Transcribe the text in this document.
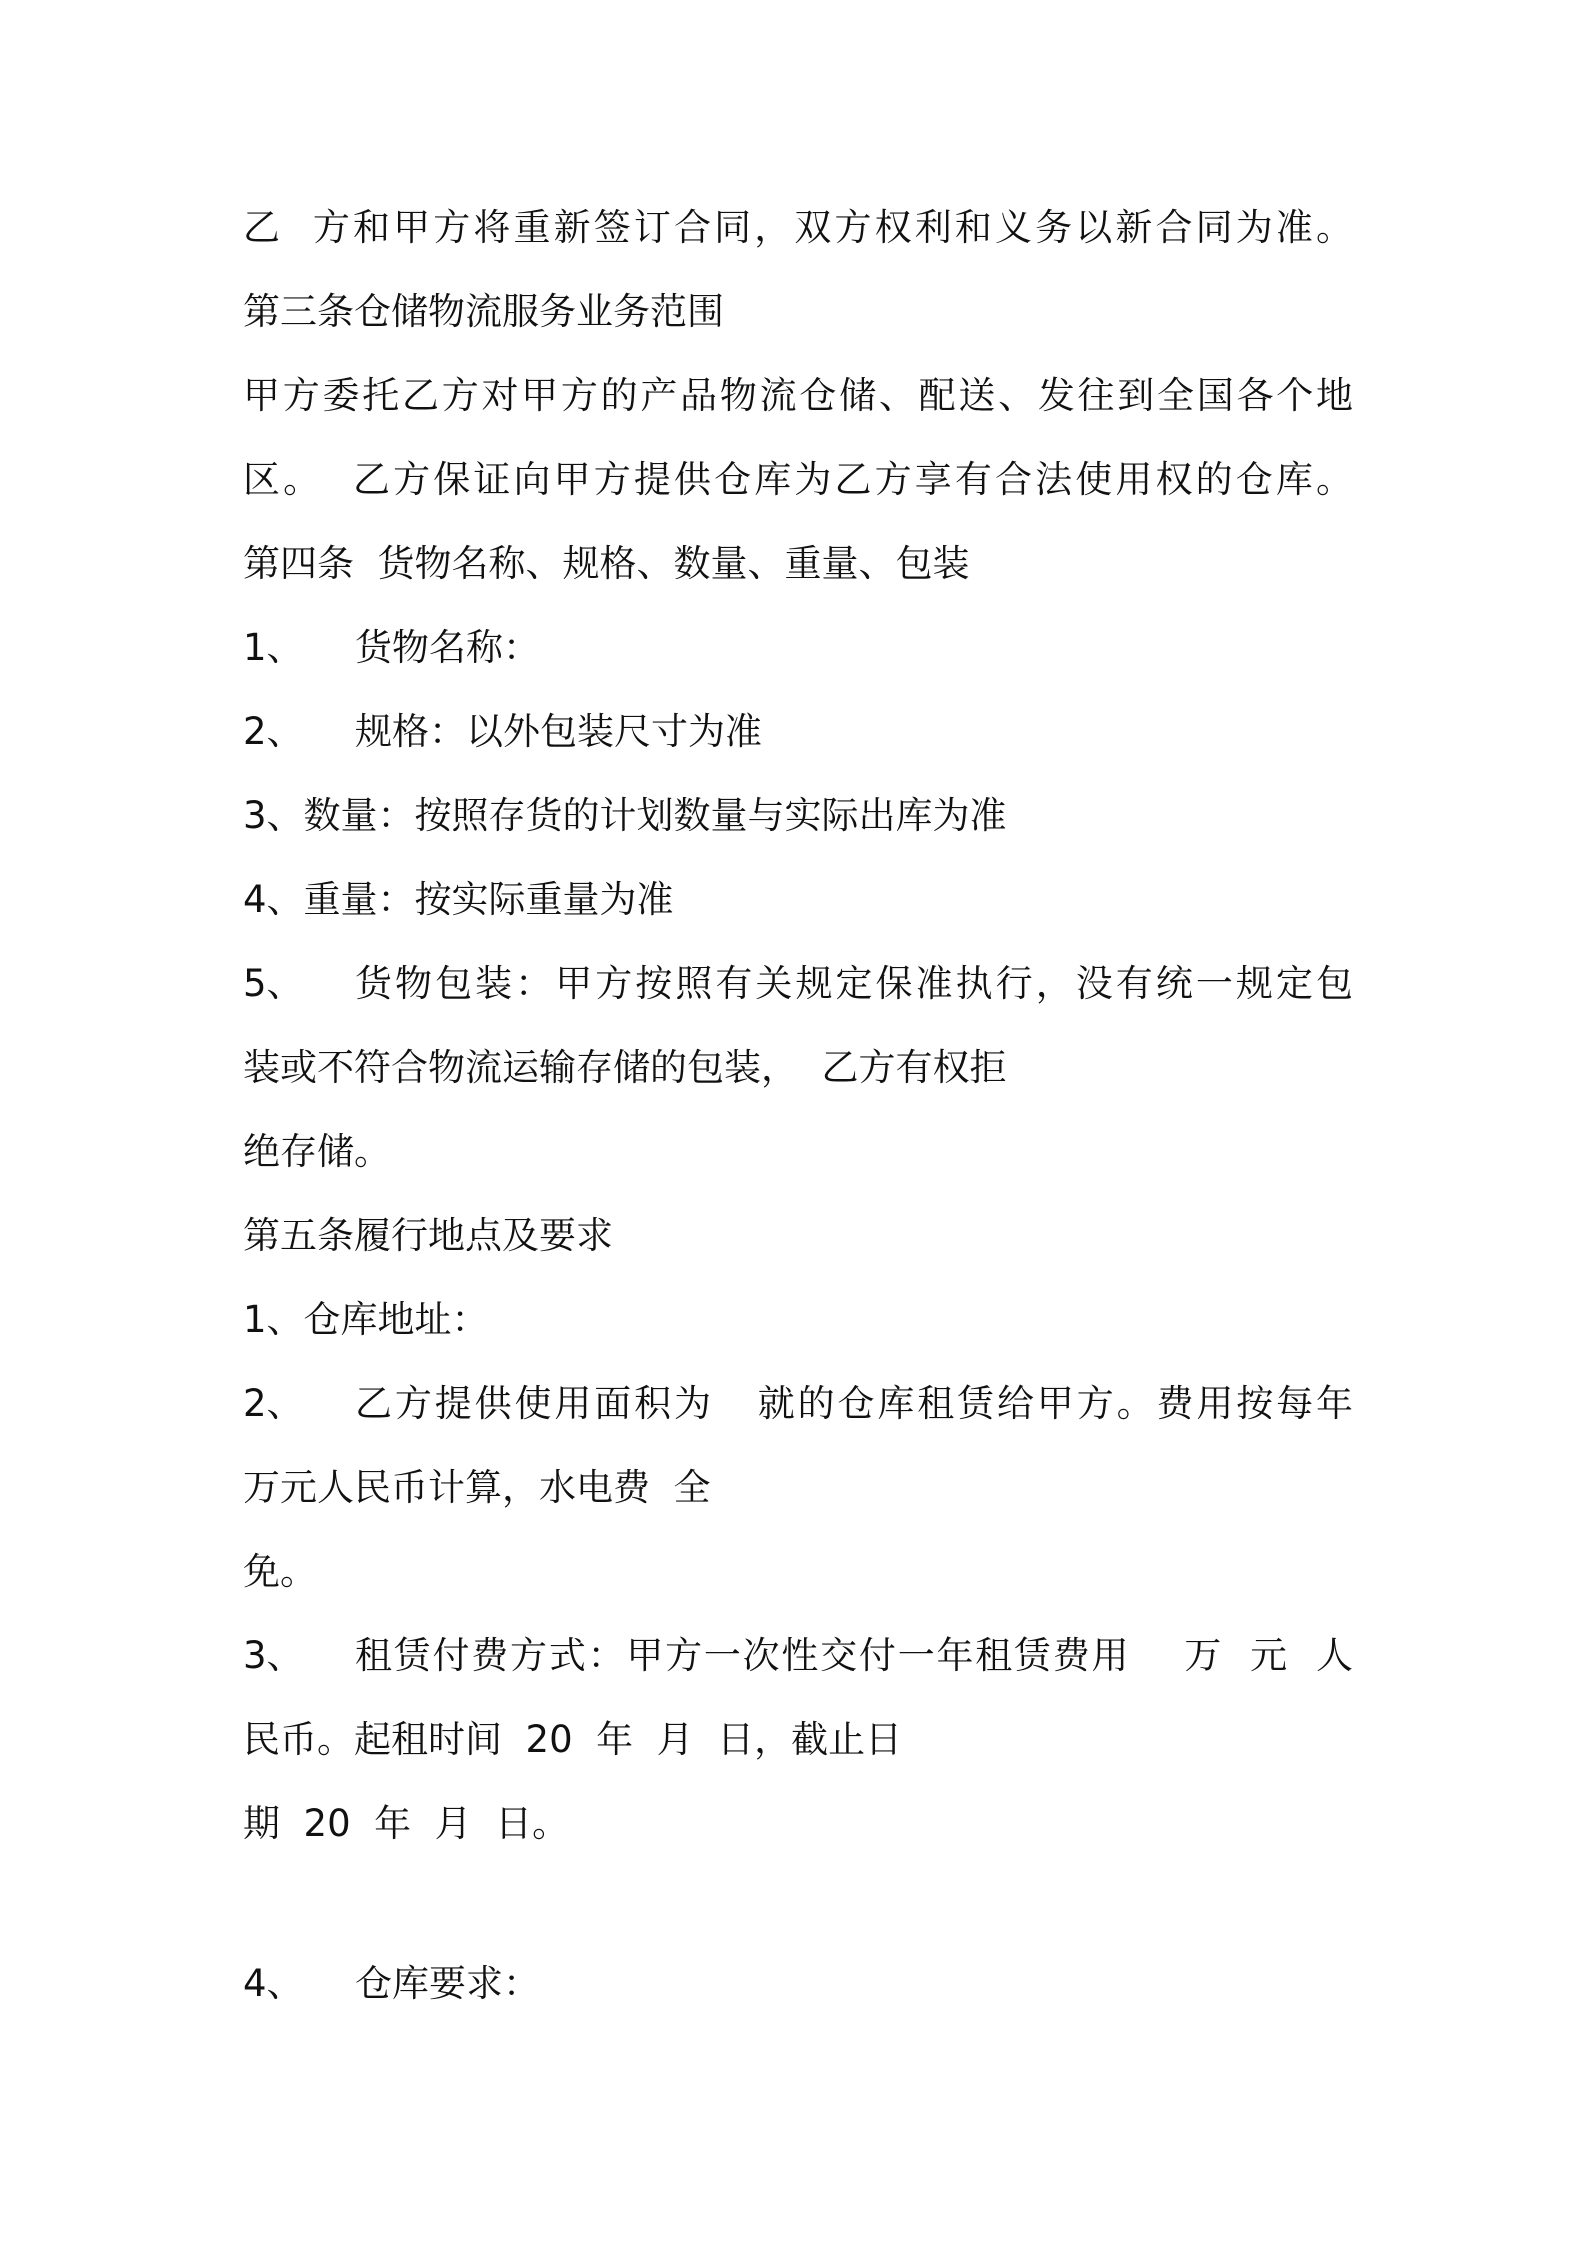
乙  方和甲方将重新签订合同，双方权利和义务以新合同为准。
第三条仓储物流服务业务范围
甲方委托乙方对甲方的产品物流仓储、配送、发往到全国各个地
区。  乙方保证向甲方提供仓库为乙方享有合法使用权的仓库。
第四条  货物名称、规格、数量、重量、包装
1、 货物名称：
2、 规格：以外包装尺寸为准
3、数量：按照存货的计划数量与实际出库为准
4、重量：按实际重量为准
5、 货物包装：甲方按照有关规定保准执行，没有统一规定包
装或不符合物流运输存储的包装，  乙方有权拒
绝存储。
第五条履行地点及要求
1、仓库地址：
2、 乙方提供使用面积为   就的仓库租赁给甲方。费用按每年
万元人民币计算，水电费  全
免。
3、 租赁付费方式：甲方一次性交付一年租赁费用    万  元  人
民币。起租时间  20  年  月  日，截止日
期  20  年  月  日。
4、 仓库要求：
